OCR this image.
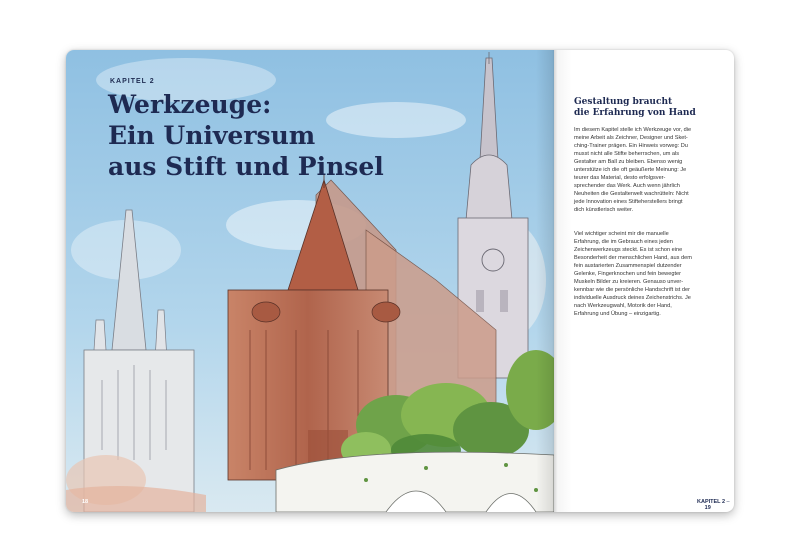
KAPITEL 2
Werkzeuge:
Ein Universum
aus Stift und Pinsel
18
Gestaltung braucht
die Erfahrung von Hand
Im diesem Kapitel stelle ich Werkzeuge vor, die
meine Arbeit als Zeichner, Designer und Sket-
ching-Trainer prägen. Ein Hinweis vorweg: Du
musst nicht alle Stifte beherrschen, um als
Gestalter am Ball zu bleiben. Ebenso wenig
unterstütze ich die oft geäußerte Meinung: Je
teurer das Material, desto erfolgsver-
sprechender das Werk. Auch wenn jährlich
Neuheiten die Gestalterwelt wachrütteln: Nicht
jede Innovation eines Stifteherstellers bringt
dich künstlerisch weiter.
Viel wichtiger scheint mir die manuelle
Erfahrung, die im Gebrauch eines jeden
Zeichenwerkzeugs steckt. Es ist schon eine
Besonderheit der menschlichen Hand, aus dem
fein austarierten Zusammenspiel dutzender
Gelenke, Fingerknochen und fein bewegter
Muskeln Bilder zu kreieren. Genauso unver-
kennbar wie die persönliche Handschrift ist der
individuelle Ausdruck deines Zeichenstrichs. Je
nach Werkzeugwahl, Motorik der Hand,
Erfahrung und Übung – einzigartig.
KAPITEL 2 –      19
